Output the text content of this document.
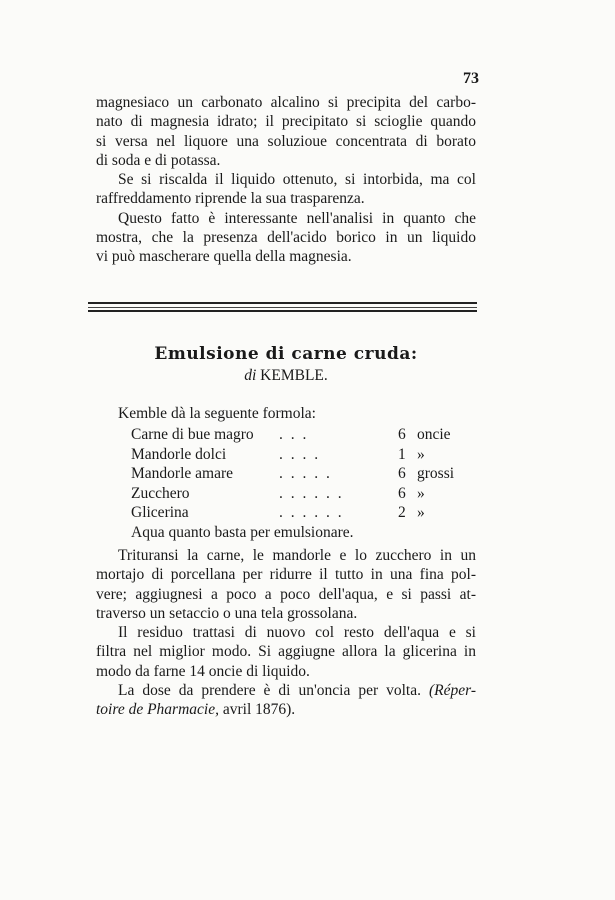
73
magnesiaco un carbonato alcalino si precipita del carbo-
nato di magnesia idrato; il precipitato si scioglie quando
si versa nel liquore una soluzioue concentrata di borato
di soda e di potassa.
Se si riscalda il liquido ottenuto, si intorbida, ma col
raffreddamento riprende la sua trasparenza.
Questo fatto è interessante nell'analisi in quanto che
mostra, che la presenza dell'acido borico in un liquido
vi può mascherare quella della magnesia.
Emulsione di carne cruda:
di KEMBLE.
Kemble dà la seguente formola:
Carne di bue magro . . .	6 oncie
Mandorle dolci	. . . .	1 »
Mandorle amare	. . . . .	6 grossi
Zucchero	. . . . . .	6 »
Glicerina	. . . . . .	2 »
Aqua quanto basta per emulsionare.
Trituransi la carne, le mandorle e lo zucchero in un
mortajo di porcellana per ridurre il tutto in una fina pol-
vere; aggiugnesi a poco a poco dell'aqua, e si passi at-
traverso un setaccio o una tela grossolana.
Il residuo trattasi di nuovo col resto dell'aqua e si
filtra nel miglior modo. Si aggiugne allora la glicerina in
modo da farne 14 oncie di liquido.
La dose da prendere è di un'oncia per volta. (Réper-
toire de Pharmacie, avril 1876).
